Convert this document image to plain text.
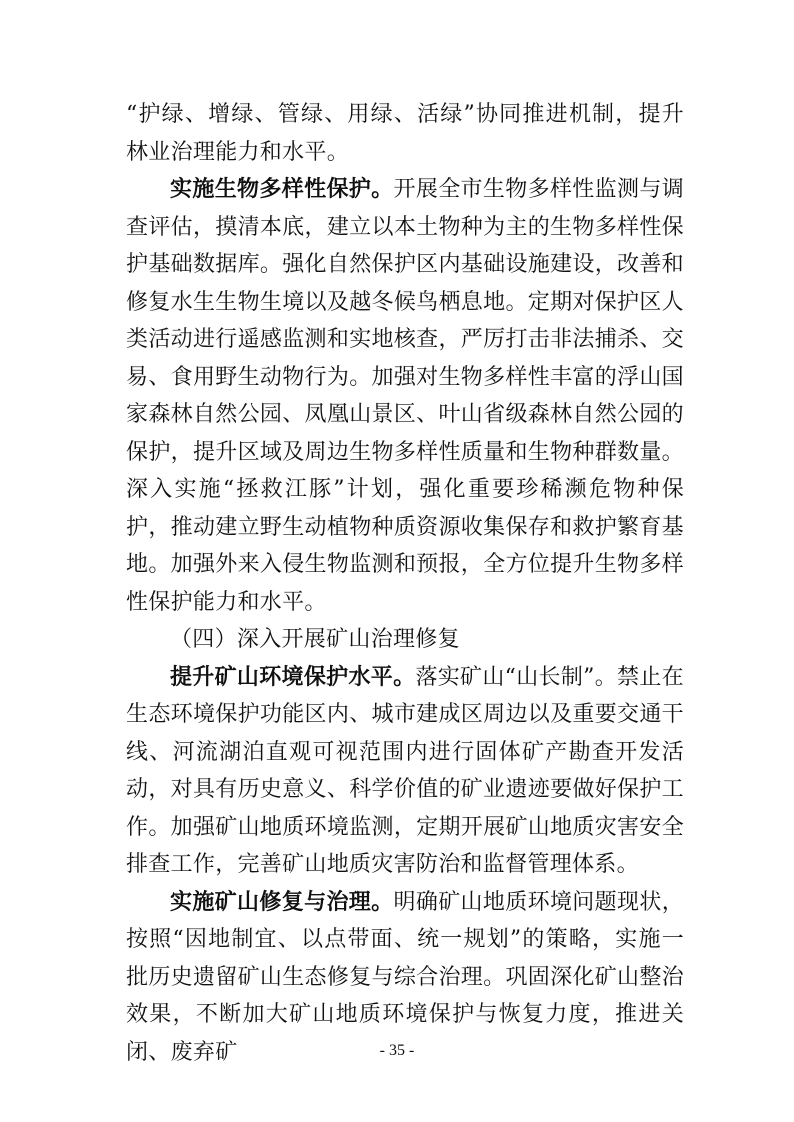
“护绿、增绿、管绿、用绿、活绿”协同推进机制，提升林业治理能力和水平。

实施生物多样性保护。开展全市生物多样性监测与调查评估，摸清本底，建立以本土物种为主的生物多样性保护基础数据库。强化自然保护区内基础设施建设，改善和修复水生生物生境以及越冬候鸟栖息地。定期对保护区人类活动进行遥感监测和实地核查，严厉打击非法捕杀、交易、食用野生动物行为。加强对生物多样性丰富的浮山国家森林自然公园、凤凰山景区、叶山省级森林自然公园的保护，提升区域及周边生物多样性质量和生物种群数量。深入实施“拯救江豚”计划，强化重要珍稀濒危物种保护，推动建立野生动植物种质资源收集保存和救护繁育基地。加强外来入侵生物监测和预报，全方位提升生物多样性保护能力和水平。

（四）深入开展矿山治理修复

提升矿山环境保护水平。落实矿山“山长制”。禁止在生态环境保护功能区内、城市建成区周边以及重要交通干线、河流湖泊直观可视范围内进行固体矿产勘查开发活动，对具有历史意义、科学价值的矿业遗迹要做好保护工作。加强矿山地质环境监测，定期开展矿山地质灾害安全排查工作，完善矿山地质灾害防治和监督管理体系。

实施矿山修复与治理。明确矿山地质环境问题现状，按照“因地制宜、以点带面、统一规划”的策略，实施一批历史遗留矿山生态修复与综合治理。巩固深化矿山整治效果，不断加大矿山地质环境保护与恢复力度，推进关闭、废弃矿	- 35 -
